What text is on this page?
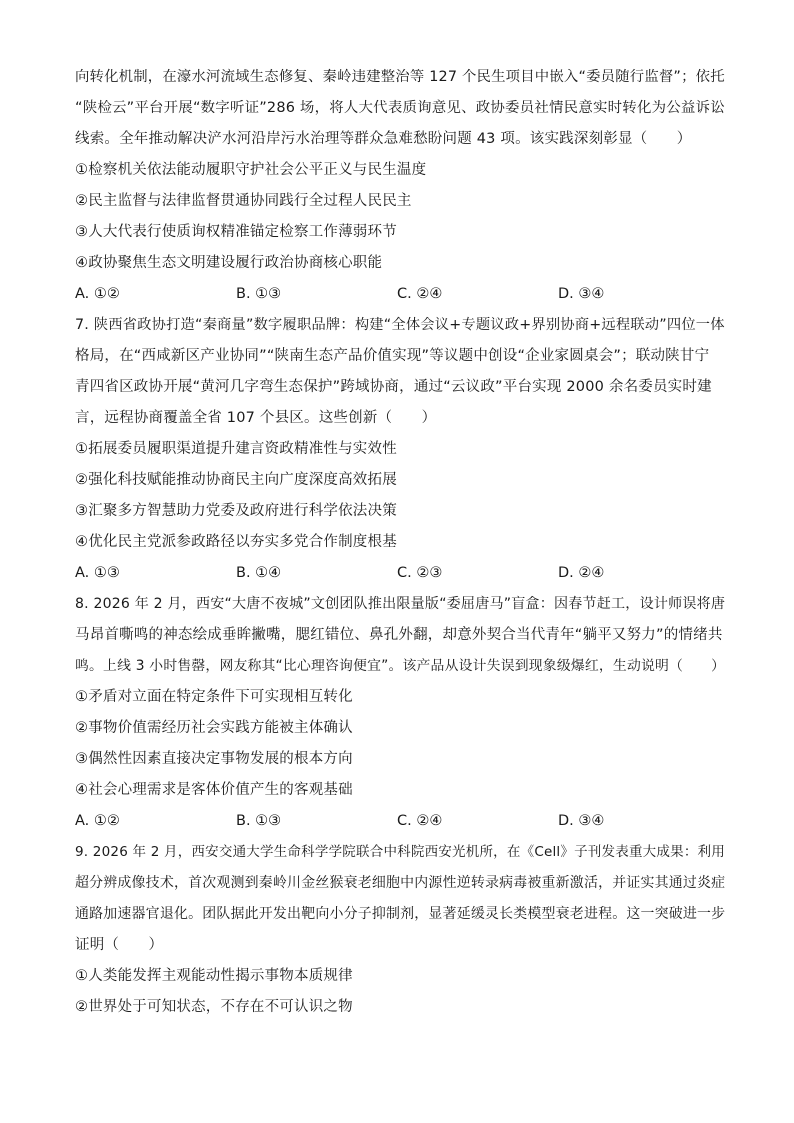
向转化机制，在濠水河流域生态修复、秦岭违建整治等 127 个民生项目中嵌入“委员随行监督”；依托
“陕检云”平台开展“数字听证”286 场，将人大代表质询意见、政协委员社情民意实时转化为公益诉讼
线索。全年推动解决浐水河沿岸污水治理等群众急难愁盼问题 43 项。该实践深刻彰显（　　）
①检察机关依法能动履职守护社会公平正义与民生温度
②民主监督与法律监督贯通协同践行全过程人民民主
③人大代表行使质询权精准锚定检察工作薄弱环节
④政协聚焦生态文明建设履行政治协商核心职能
A. ①②	B. ①③	C. ②④	D. ③④
7. 陕西省政协打造“秦商量”数字履职品牌：构建“全体会议+专题议政+界别协商+远程联动”四位一体
格局，在“西咸新区产业协同”“陕南生态产品价值实现”等议题中创设“企业家圆桌会”；联动陕甘宁
青四省区政协开展“黄河几字弯生态保护”跨域协商，通过“云议政”平台实现 2000 余名委员实时建
言，远程协商覆盖全省 107 个县区。这些创新（　　）
①拓展委员履职渠道提升建言资政精准性与实效性
②强化科技赋能推动协商民主向广度深度高效拓展
③汇聚多方智慧助力党委及政府进行科学依法决策
④优化民主党派参政路径以夯实多党合作制度根基
A. ①③	B. ①④	C. ②③	D. ②④
8. 2026 年 2 月，西安“大唐不夜城”文创团队推出限量版“委屈唐马”盲盒：因春节赶工，设计师误将唐
马昂首嘶鸣的神态绘成垂眸撇嘴，腮红错位、鼻孔外翻，却意外契合当代青年“躺平又努力”的情绪共
鸣。上线 3 小时售罄，网友称其“比心理咨询便宜”。该产品从设计失误到现象级爆红，生动说明（　　）
①矛盾对立面在特定条件下可实现相互转化
②事物价值需经历社会实践方能被主体确认
③偶然性因素直接决定事物发展的根本方向
④社会心理需求是客体价值产生的客观基础
A. ①②	B. ①③	C. ②④	D. ③④
9. 2026 年 2 月，西安交通大学生命科学学院联合中科院西安光机所，在《Cell》子刊发表重大成果：利用
超分辨成像技术，首次观测到秦岭川金丝猴衰老细胞中内源性逆转录病毒被重新激活，并证实其通过炎症
通路加速器官退化。团队据此开发出靶向小分子抑制剂，显著延缓灵长类模型衰老进程。这一突破进一步
证明（　　）
①人类能发挥主观能动性揭示事物本质规律
②世界处于可知状态，不存在不可认识之物
